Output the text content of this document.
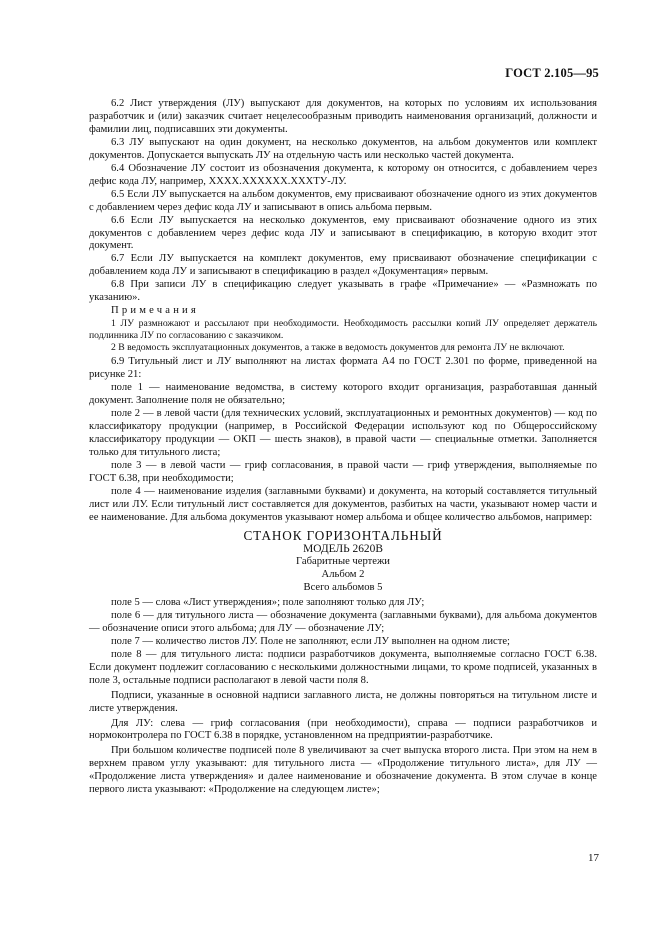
ГОСТ 2.105—95

6.2 Лист утверждения (ЛУ) выпускают для документов, на которых по условиям их использования разработчик и (или) заказчик считает нецелесообразным приводить наименования организаций, должности и фамилии лиц, подписавших эти документы.

6.3 ЛУ выпускают на один документ, на несколько документов, на альбом документов или комплект документов. Допускается выпускать ЛУ на отдельную часть или несколько частей документа.

6.4 Обозначение ЛУ состоит из обозначения документа, к которому он относится, с добавлением через дефис кода ЛУ, например, ХХХХ.ХХХХХХ.ХХХТУ-ЛУ.

6.5 Если ЛУ выпускается на альбом документов, ему присваивают обозначение одного из этих документов с добавлением через дефис кода ЛУ и записывают в опись альбома первым.

6.6 Если ЛУ выпускается на несколько документов, ему присваивают обозначение одного из этих документов с добавлением через дефис кода ЛУ и записывают в спецификацию, в которую входит этот документ.

6.7 Если ЛУ выпускается на комплект документов, ему присваивают обозначение спецификации с добавлением кода ЛУ и записывают в спецификацию в раздел «Документация» первым.

6.8 При записи ЛУ в спецификацию следует указывать в графе «Примечание» — «Размножать по указанию».

Примечания

1 ЛУ размножают и рассылают при необходимости. Необходимость рассылки копий ЛУ определяет держатель подлинника ЛУ по согласованию с заказчиком.

2 В ведомость эксплуатационных документов, а также в ведомость документов для ремонта ЛУ не включают.

6.9 Титульный лист и ЛУ выполняют на листах формата А4 по ГОСТ 2.301 по форме, приведенной на рисунке 21:

поле 1 — наименование ведомства, в систему которого входит организация, разработавшая данный документ. Заполнение поля не обязательно;

поле 2 — в левой части (для технических условий, эксплуатационных и ремонтных документов) — код по классификатору продукции (например, в Российской Федерации используют код по Общероссийскому классификатору продукции — ОКП — шесть знаков), в правой части — специальные отметки. Заполняется только для титульного листа;

поле 3 — в левой части — гриф согласования, в правой части — гриф утверждения, выполняемые по ГОСТ 6.38, при необходимости;

поле 4 — наименование изделия (заглавными буквами) и документа, на который составляется титульный лист или ЛУ. Если титульный лист составляется для документов, разбитых на части, указывают номер части и ее наименование. Для альбома документов указывают номер альбома и общее количество альбомов, например:

СТАНОК ГОРИЗОНТАЛЬНЫЙ

МОДЕЛЬ 2620В

Габаритные чертежи

Альбом 2

Всего альбомов 5

поле 5 — слова «Лист утверждения»; поле заполняют только для ЛУ;

поле 6 — для титульного листа — обозначение документа (заглавными буквами), для альбома документов — обозначение описи этого альбома; для ЛУ — обозначение ЛУ;

поле 7 — количество листов ЛУ. Поле не заполняют, если ЛУ выполнен на одном листе;

поле 8 — для титульного листа: подписи разработчиков документа, выполняемые согласно ГОСТ 6.38. Если документ подлежит согласованию с несколькими должностными лицами, то кроме подписей, указанных в поле 3, остальные подписи располагают в левой части поля 8.

Подписи, указанные в основной надписи заглавного листа, не должны повторяться на титульном листе и листе утверждения.

Для ЛУ: слева — гриф согласования (при необходимости), справа — подписи разработчиков и нормоконтролера по ГОСТ 6.38 в порядке, установленном на предприятии-разработчике.

При большом количестве подписей поле 8 увеличивают за счет выпуска второго листа. При этом на нем в верхнем правом углу указывают: для титульного листа — «Продолжение титульного листа», для ЛУ — «Продолжение листа утверждения» и далее наименование и обозначение документа. В этом случае в конце первого листа указывают: «Продолжение на следующем листе»;

17
